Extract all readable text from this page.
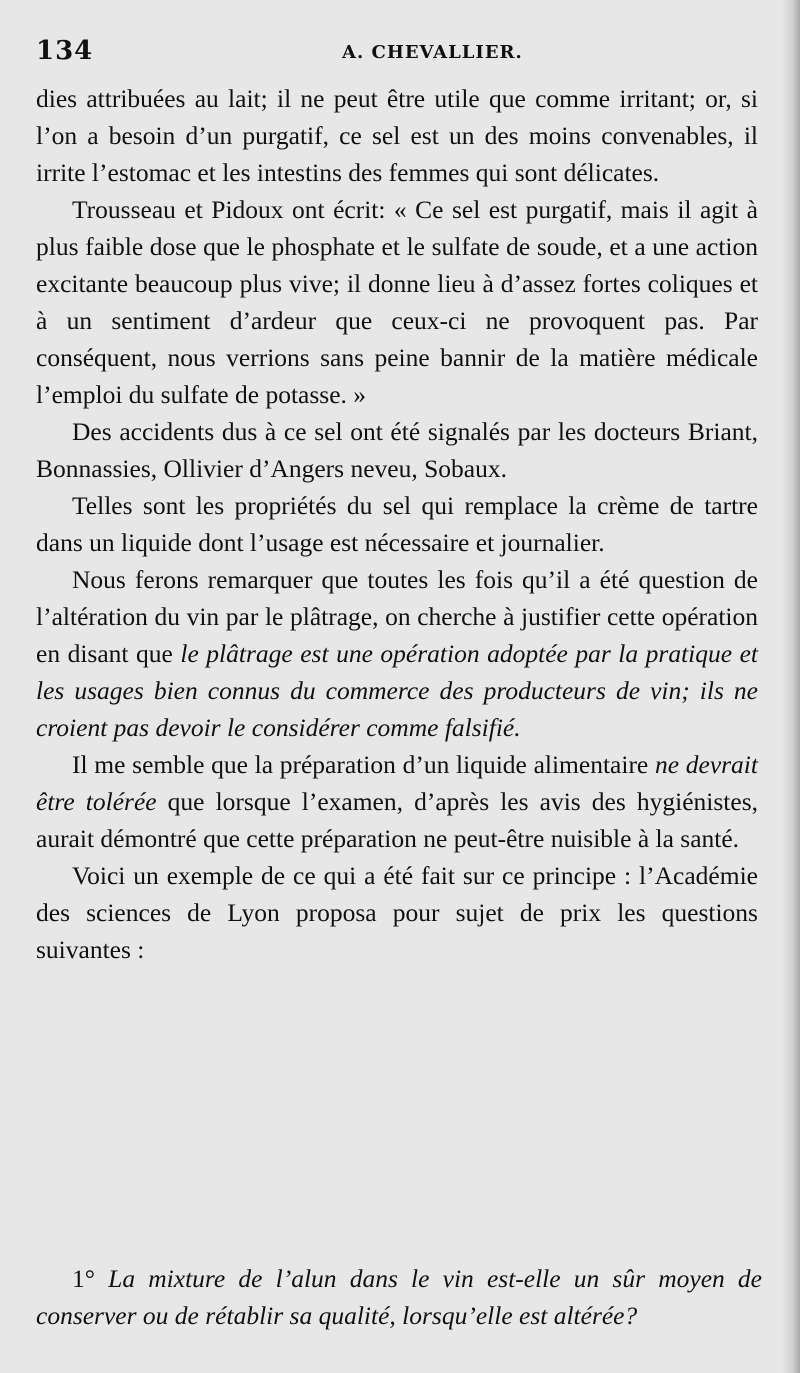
134	A. CHEVALLIER.

dies attribuées au lait; il ne peut être utile que comme irritant; or, si l’on a besoin d’un purgatif, ce sel est un des moins convenables, il irrite l’estomac et les intestins des femmes qui sont délicates.

Trousseau et Pidoux ont écrit: « Ce sel est purgatif, mais il agit à plus faible dose que le phosphate et le sulfate de soude, et a une action excitante beaucoup plus vive; il donne lieu à d’assez fortes coliques et à un sentiment d’ardeur que ceux-ci ne provoquent pas. Par conséquent, nous verrions sans peine bannir de la matière médicale l’emploi du sulfate de potasse. »

Des accidents dus à ce sel ont été signalés par les docteurs Briant, Bonnassies, Ollivier d’Angers neveu, Sobaux.

Telles sont les propriétés du sel qui remplace la crème de tartre dans un liquide dont l’usage est nécessaire et journalier.

Nous ferons remarquer que toutes les fois qu’il a été question de l’altération du vin par le plâtrage, on cherche à justifier cette opération en disant que le plâtrage est une opération adoptée par la pratique et les usages bien connus du commerce des producteurs de vin; ils ne croient pas devoir le considérer comme falsifié.

Il me semble que la préparation d’un liquide alimentaire ne devrait être tolérée que lorsque l’examen, d’après les avis des hygiénistes, aurait démontré que cette préparation ne peut-être nuisible à la santé.

Voici un exemple de ce qui a été fait sur ce principe : l’Académie des sciences de Lyon proposa pour sujet de prix les questions suivantes :

1° La mixture de l’alun dans le vin est-elle un sûr moyen de conserver ou de rétablir sa qualité, lorsqu’elle est altérée?
